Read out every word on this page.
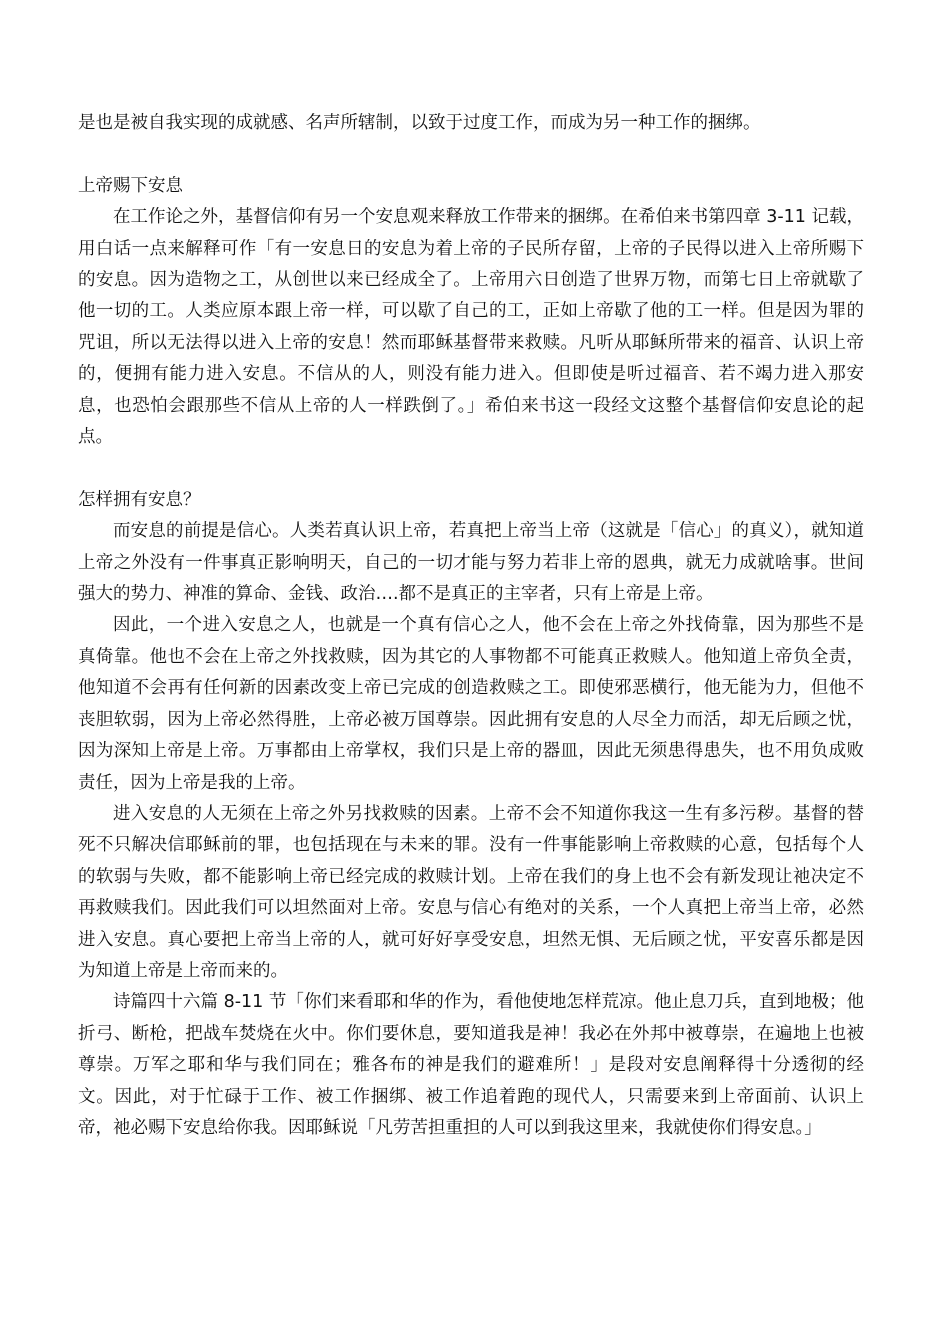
是也是被自我实现的成就感、名声所辖制，以致于过度工作，而成为另一种工作的捆绑。

上帝赐下安息

在工作论之外，基督信仰有另一个安息观来释放工作带来的捆绑。在希伯来书第四章 3-11 记载，用白话一点来解释可作「有一安息日的安息为着上帝的子民所存留，上帝的子民得以进入上帝所赐下的安息。因为造物之工，从创世以来已经成全了。上帝用六日创造了世界万物，而第七日上帝就歇了他一切的工。人类应原本跟上帝一样，可以歇了自己的工，正如上帝歇了他的工一样。但是因为罪的咒诅，所以无法得以进入上帝的安息！然而耶稣基督带来救赎。凡听从耶稣所带来的福音、认识上帝的，便拥有能力进入安息。不信从的人，则没有能力进入。但即使是听过福音、若不竭力进入那安息，也恐怕会跟那些不信从上帝的人一样跌倒了。」希伯来书这一段经文这整个基督信仰安息论的起点。

怎样拥有安息？

而安息的前提是信心。人类若真认识上帝，若真把上帝当上帝（这就是「信心」的真义），就知道上帝之外没有一件事真正影响明天，自己的一切才能与努力若非上帝的恩典，就无力成就啥事。世间强大的势力、神准的算命、金钱、政治….都不是真正的主宰者，只有上帝是上帝。

因此，一个进入安息之人，也就是一个真有信心之人，他不会在上帝之外找倚靠，因为那些不是真倚靠。他也不会在上帝之外找救赎，因为其它的人事物都不可能真正救赎人。他知道上帝负全责，他知道不会再有任何新的因素改变上帝已完成的创造救赎之工。即使邪恶横行，他无能为力，但他不丧胆软弱，因为上帝必然得胜，上帝必被万国尊崇。因此拥有安息的人尽全力而活，却无后顾之忧，因为深知上帝是上帝。万事都由上帝掌权，我们只是上帝的器皿，因此无须患得患失，也不用负成败责任，因为上帝是我的上帝。

进入安息的人无须在上帝之外另找救赎的因素。上帝不会不知道你我这一生有多污秽。基督的替死不只解决信耶稣前的罪，也包括现在与未来的罪。没有一件事能影响上帝救赎的心意，包括每个人的软弱与失败，都不能影响上帝已经完成的救赎计划。上帝在我们的身上也不会有新发现让祂决定不再救赎我们。因此我们可以坦然面对上帝。安息与信心有绝对的关系，一个人真把上帝当上帝，必然进入安息。真心要把上帝当上帝的人，就可好好享受安息，坦然无惧、无后顾之忧，平安喜乐都是因为知道上帝是上帝而来的。

诗篇四十六篇 8-11 节「你们来看耶和华的作为，看他使地怎样荒凉。他止息刀兵，直到地极；他折弓、断枪，把战车焚烧在火中。你们要休息，要知道我是神！我必在外邦中被尊崇，在遍地上也被尊崇。万军之耶和华与我们同在；雅各布的神是我们的避难所！」是段对安息阐释得十分透彻的经文。因此，对于忙碌于工作、被工作捆绑、被工作追着跑的现代人，只需要来到上帝面前、认识上帝，祂必赐下安息给你我。因耶稣说「凡劳苦担重担的人可以到我这里来，我就使你们得安息。」
